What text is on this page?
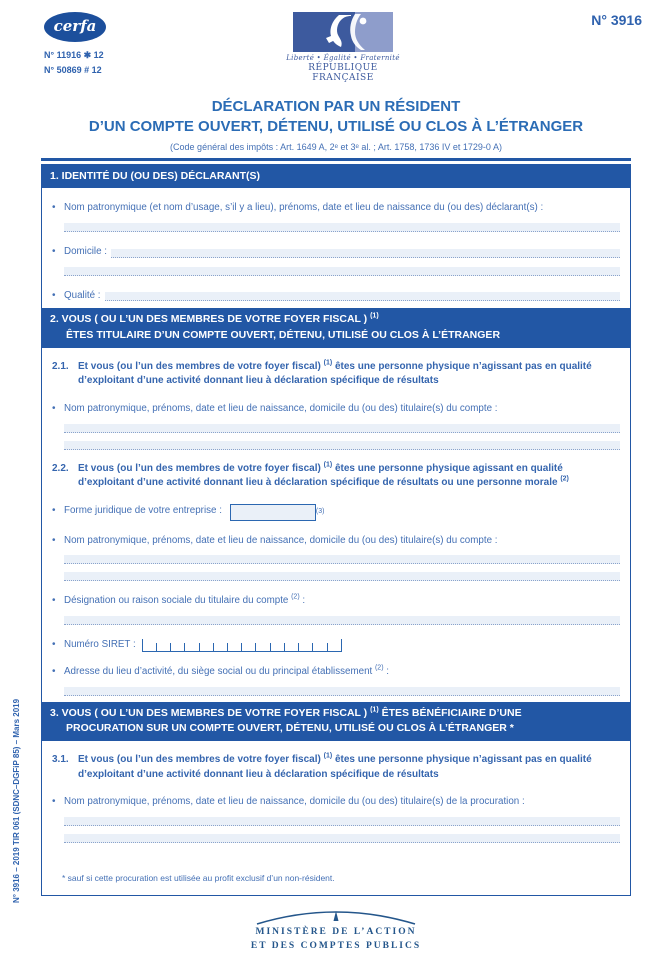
cerfa
N° 11916 ✱ 12
N° 50869 # 12
Liberté • Égalité • Fraternité
RÉPUBLIQUE FRANÇAISE
N° 3916
DÉCLARATION PAR UN RÉSIDENT
D’UN COMPTE OUVERT, DÉTENU, UTILISÉ OU CLOS À L’ÉTRANGER
(Code général des impôts : Art. 1649 A, 2ᵉ et 3ᵉ al. ; Art. 1758, 1736 IV et 1729-0 A)
1. IDENTITÉ DU (OU DES) DÉCLARANT(S)
• Nom patronymique (et nom d’usage, s’il y a lieu), prénoms, date et lieu de naissance du (ou des) déclarant(s) :
• Domicile :
• Qualité :
2. VOUS ( OU L’UN DES MEMBRES DE VOTRE FOYER FISCAL ) $^{(1)}$
ÊTES TITULAIRE D’UN COMPTE OUVERT, DÉTENU, UTILISÉ OU CLOS À L’ÉTRANGER
2.1. Et vous (ou l’un des membres de votre foyer fiscal) $^{(1)}$ êtes une personne physique n’agissant pas en qualité d’exploitant d’une activité donnant lieu à déclaration spécifique de résultats
• Nom patronymique, prénoms, date et lieu de naissance, domicile du (ou des) titulaire(s) du compte :
2.2. Et vous (ou l’un des membres de votre foyer fiscal) $^{(1)}$ êtes une personne physique agissant en qualité d’exploitant d’une activité donnant lieu à déclaration spécifique de résultats ou une personne morale $^{(2)}$
• Forme juridique de votre entreprise :	(3)
• Nom patronymique, prénoms, date et lieu de naissance, domicile du (ou des) titulaire(s) du compte :
• Désignation ou raison sociale du titulaire du compte $^{(2)}$ :
• Numéro SIRET :
• Adresse du lieu d’activité, du siège social ou du principal établissement $^{(2)}$ :
3. VOUS ( OU L’UN DES MEMBRES DE VOTRE FOYER FISCAL ) $^{(1)}$ ÊTES BÉNÉFICIAIRE D’UNE
PROCURATION SUR UN COMPTE OUVERT, DÉTENU, UTILISÉ OU CLOS À L’ÉTRANGER *
3.1. Et vous (ou l’un des membres de votre foyer fiscal) $^{(1)}$ êtes une personne physique n’agissant pas en qualité d’exploitant d’une activité donnant lieu à déclaration spécifique de résultats
• Nom patronymique, prénoms, date et lieu de naissance, domicile du (ou des) titulaire(s) de la procuration :
* sauf si cette procuration est utilisée au profit exclusif d’un non-résident.
N° 3916 – 2019 TIR 061 (SDNC–DGFiP 85) – Mars 2019
MINISTÈRE DE L’ACTION
ET DES COMPTES PUBLICS
